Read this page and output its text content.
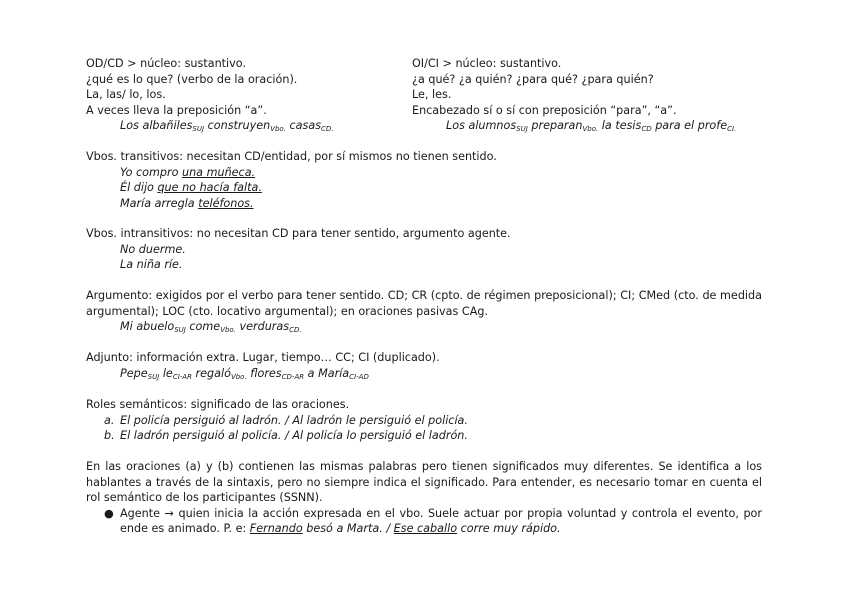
OD/CD > núcleo: sustantivo.
¿qué es lo que? (verbo de la oración).
La, las/ lo, los.
A veces lleva la preposición “a”.
Los albañiles$_{SUJ}$ construyen$_{Vbo.}$ casas$_{CD.}$
OI/CI > núcleo: sustantivo.
¿a qué? ¿a quién? ¿para qué? ¿para quién?
Le, les.
Encabezado sí o sí con preposición “para”, “a”.
Los alumnos$_{SUJ}$ preparan$_{Vbo.}$ la tesis$_{CD}$ para el profe$_{CI.}$
Vbos. transitivos: necesitan CD/entidad, por sí mismos no tienen sentido.
Yo compro una muñeca.
Él dijo que no hacía falta.
María arregla teléfonos.
Vbos. intransitivos: no necesitan CD para tener sentido, argumento agente.
No duerme.
La niña ríe.
Argumento: exigidos por el verbo para tener sentido. CD; CR (cpto. de régimen preposicional); CI; CMed (cto. de medida argumental); LOC (cto. locativo argumental); en oraciones pasivas CAg.
Mi abuelo$_{SUJ}$ come$_{Vbo.}$ verduras$_{CD.}$
Adjunto: información extra. Lugar, tiempo… CC; CI (duplicado).
Pepe$_{SUJ}$ $le_{CI-AR}$ regaló$_{Vbo.}$ flores$_{CD-AR}$ a María$_{CI-AD}$
Roles semánticos: significado de las oraciones.
a. El policía persiguió al ladrón. / Al ladrón le persiguió el policía.
b. El ladrón persiguió al policía. / Al policía lo persiguió el ladrón.
En las oraciones (a) y (b) contienen las mismas palabras pero tienen significados muy diferentes. Se identifica a los hablantes a través de la sintaxis, pero no siempre indica el significado. Para entender, es necesario tomar en cuenta el rol semántico de los participantes (SSNN).
● Agente → quien inicia la acción expresada en el vbo. Suele actuar por propia voluntad y controla el evento, por ende es animado. P. e: Fernando besó a Marta. / Ese caballo corre muy rápido.
